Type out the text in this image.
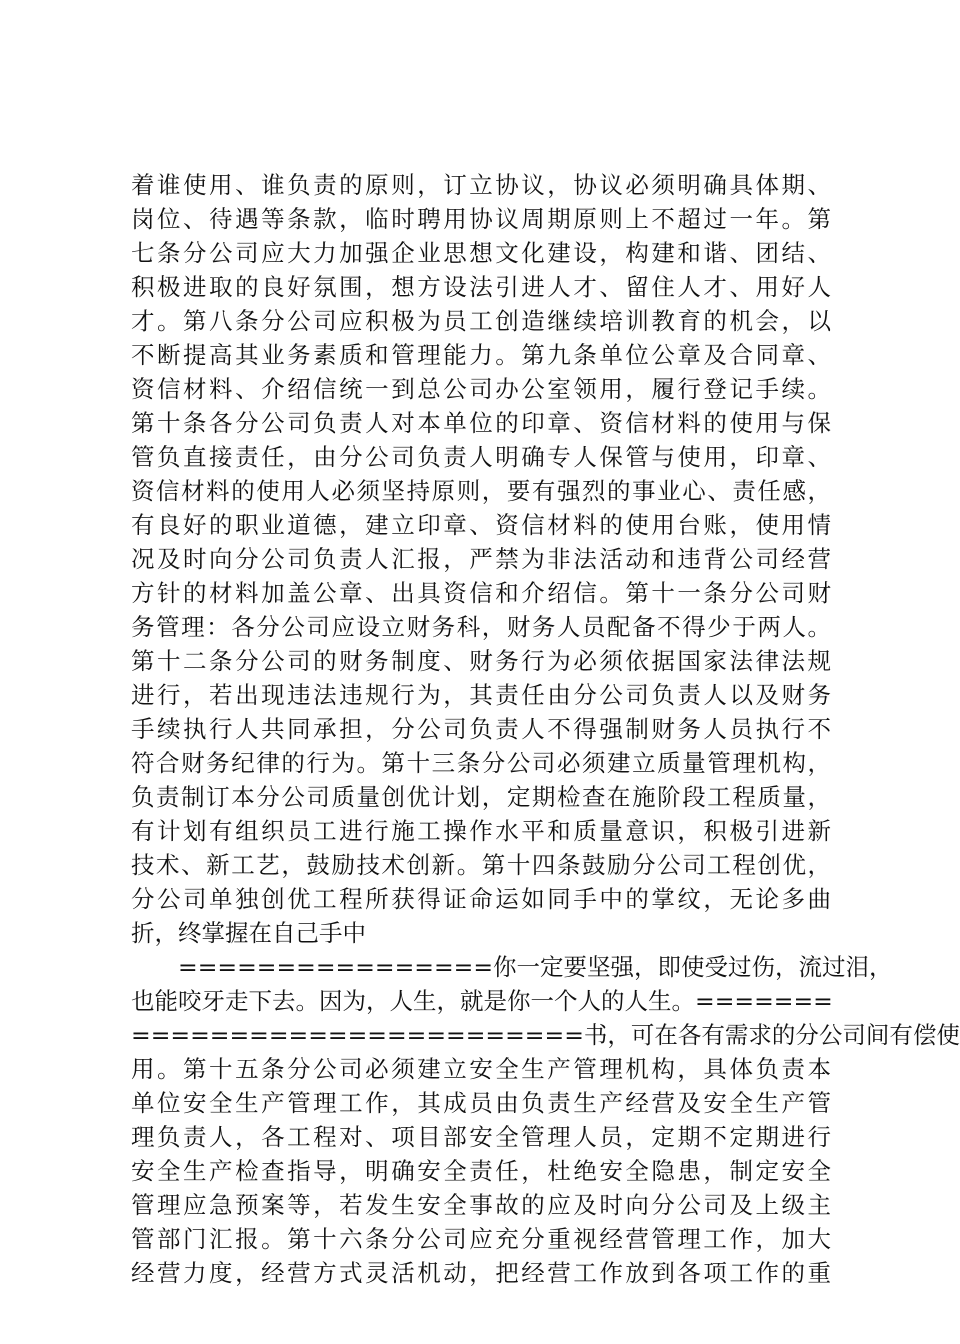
着谁使用、谁负责的原则，订立协议，协议必须明确具体期、
岗位、待遇等条款，临时聘用协议周期原则上不超过一年。第
七条分公司应大力加强企业思想文化建设，构建和谐、团结、
积极进取的良好氛围，想方设法引进人才、留住人才、用好人
才。第八条分公司应积极为员工创造继续培训教育的机会，以
不断提高其业务素质和管理能力。第九条单位公章及合同章、
资信材料、介绍信统一到总公司办公室领用，履行登记手续。
第十条各分公司负责人对本单位的印章、资信材料的使用与保
管负直接责任，由分公司负责人明确专人保管与使用，印章、
资信材料的使用人必须坚持原则，要有强烈的事业心、责任感，
有良好的职业道德，建立印章、资信材料的使用台账，使用情
况及时向分公司负责人汇报，严禁为非法活动和违背公司经营
方针的材料加盖公章、出具资信和介绍信。第十一条分公司财
务管理：各分公司应设立财务科，财务人员配备不得少于两人。
第十二条分公司的财务制度、财务行为必须依据国家法律法规
进行，若出现违法违规行为，其责任由分公司负责人以及财务
手续执行人共同承担，分公司负责人不得强制财务人员执行不
符合财务纪律的行为。第十三条分公司必须建立质量管理机构，
负责制订本分公司质量创优计划，定期检查在施阶段工程质量，
有计划有组织员工进行施工操作水平和质量意识，积极引进新
技术、新工艺，鼓励技术创新。第十四条鼓励分公司工程创优，
分公司单独创优工程所获得证命运如同手中的掌纹，无论多曲
折，终掌握在自己手中
================你一定要坚强，即使受过伤，流过泪，
也能咬牙走下去。因为，人生，就是你一个人的人生。=======
=======================书，可在各有需求的分公司间有偿使
用。第十五条分公司必须建立安全生产管理机构，具体负责本
单位安全生产管理工作，其成员由负责生产经营及安全生产管
理负责人，各工程对、项目部安全管理人员，定期不定期进行
安全生产检查指导，明确安全责任，杜绝安全隐患，制定安全
管理应急预案等，若发生安全事故的应及时向分公司及上级主
管部门汇报。第十六条分公司应充分重视经营管理工作，加大
经营力度，经营方式灵活机动，把经营工作放到各项工作的重
